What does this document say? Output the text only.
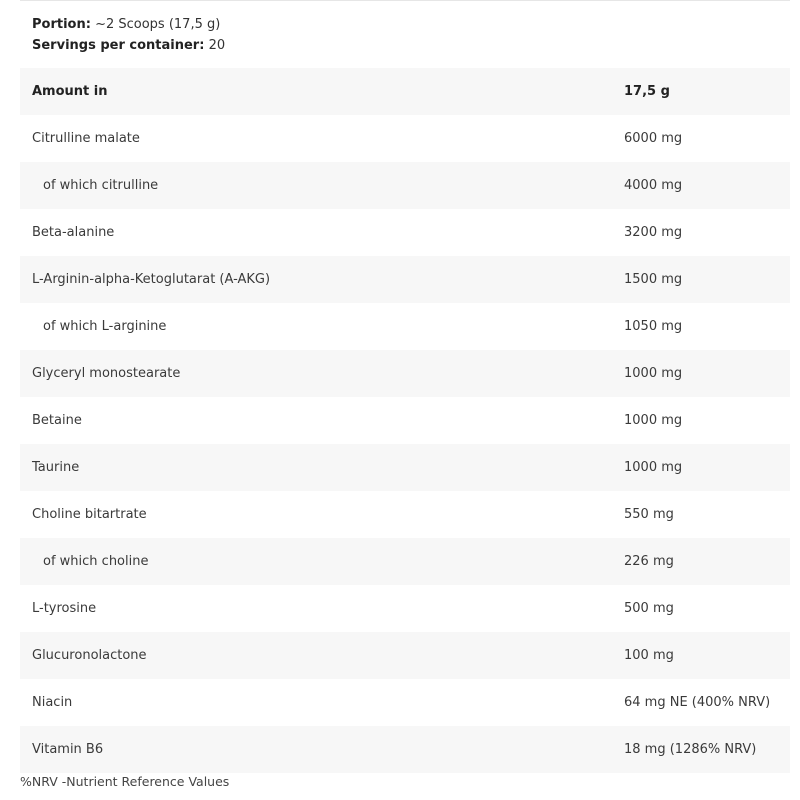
Portion: ~2 Scoops (17,5 g)
Servings per container: 20
Amount in	17,5 g
Citrulline malate	6000 mg
of which citrulline	4000 mg
Beta-alanine	3200 mg
L-Arginin-alpha-Ketoglutarat (A-AKG)	1500 mg
of which L-arginine	1050 mg
Glyceryl monostearate	1000 mg
Betaine	1000 mg
Taurine	1000 mg
Choline bitartrate	550 mg
of which choline	226 mg
L-tyrosine	500 mg
Glucuronolactone	100 mg
Niacin	64 mg NE (400% NRV)
Vitamin B6	18 mg (1286% NRV)
%NRV -Nutrient Reference Values
